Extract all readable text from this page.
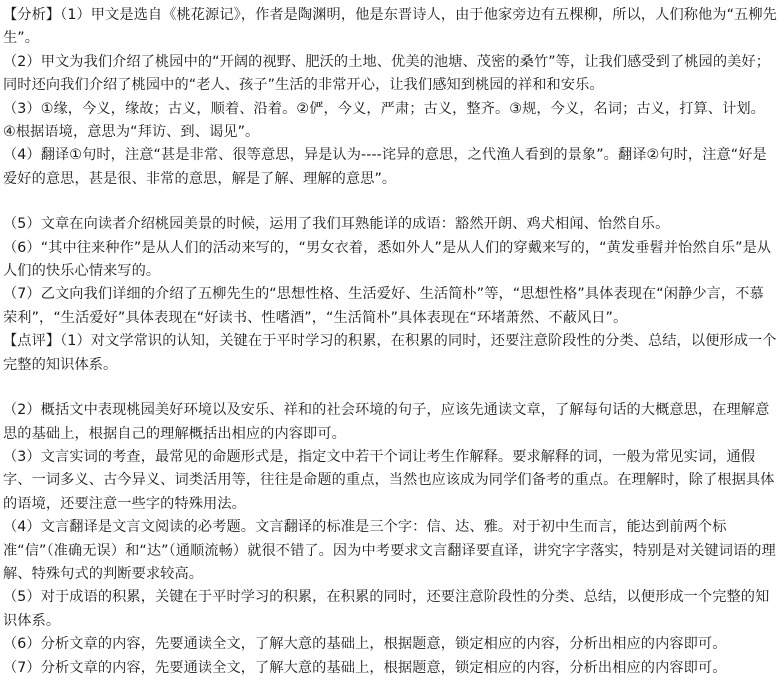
【分析】（1）甲文是选自《桃花源记》，作者是陶渊明，他是东晋诗人，由于他家旁边有五棵柳，所以，人们称他为“五柳先生”。

（2）甲文为我们介绍了桃园中的“开阔的视野、肥沃的土地、优美的池塘、茂密的桑竹”等，让我们感受到了桃园的美好；同时还向我们介绍了桃园中的“老人、孩子”生活的非常开心，让我们感知到桃园的祥和和安乐。

（3）①缘，今义，缘故；古义，顺着、沿着。②俨，今义，严肃；古义，整齐。③规，今义，名词；古义，打算、计划。④根据语境，意思为“拜访、到、谒见”。

（4）翻译①句时，注意“甚是非常、很等意思，异是认为----诧异的意思，之代渔人看到的景象”。翻译②句时，注意“好是爱好的意思，甚是很、非常的意思，解是了解、理解的意思”。

（5）文章在向读者介绍桃园美景的时候，运用了我们耳熟能详的成语：豁然开朗、鸡犬相闻、怡然自乐。

（6）“其中往来种作”是从人们的活动来写的，“男女衣着，悉如外人”是从人们的穿戴来写的，“黄发垂髫并怡然自乐”是从人们的快乐心情来写的。

（7）乙文向我们详细的介绍了五柳先生的“思想性格、生活爱好、生活简朴”等，“思想性格”具体表现在“闲静少言，不慕荣利”，“生活爱好”具体表现在“好读书、性嗜酒”，“生活简朴”具体表现在“环堵萧然、不蔽风日”。

【点评】（1）对文学常识的认知，关键在于平时学习的积累，在积累的同时，还要注意阶段性的分类、总结，以便形成一个完整的知识体系。

（2）概括文中表现桃园美好环境以及安乐、祥和的社会环境的句子，应该先通读文章，了解每句话的大概意思，在理解意思的基础上，根据自己的理解概括出相应的内容即可。

（3）文言实词的考查，最常见的命题形式是，指定文中若干个词让考生作解释。要求解释的词，一般为常见实词，通假字、一词多义、古今异义、词类活用等，往往是命题的重点，当然也应该成为同学们备考的重点。在理解时，除了根据具体的语境，还要注意一些字的特殊用法。

（4）文言翻译是文言文阅读的必考题。文言翻译的标准是三个字：信、达、雅。对于初中生而言，能达到前两个标

准“信”（准确无误）和“达”（通顺流畅）就很不错了。因为中考要求文言翻译要直译，讲究字字落实，特别是对关键词语的理解、特殊句式的判断要求较高。

（5）对于成语的积累，关键在于平时学习的积累，在积累的同时，还要注意阶段性的分类、总结，以便形成一个完整的知识体系。

（6）分析文章的内容，先要通读全文，了解大意的基础上，根据题意，锁定相应的内容，分析出相应的内容即可。

（7）分析文章的内容，先要通读全文，了解大意的基础上，根据题意，锁定相应的内容，分析出相应的内容即可。
